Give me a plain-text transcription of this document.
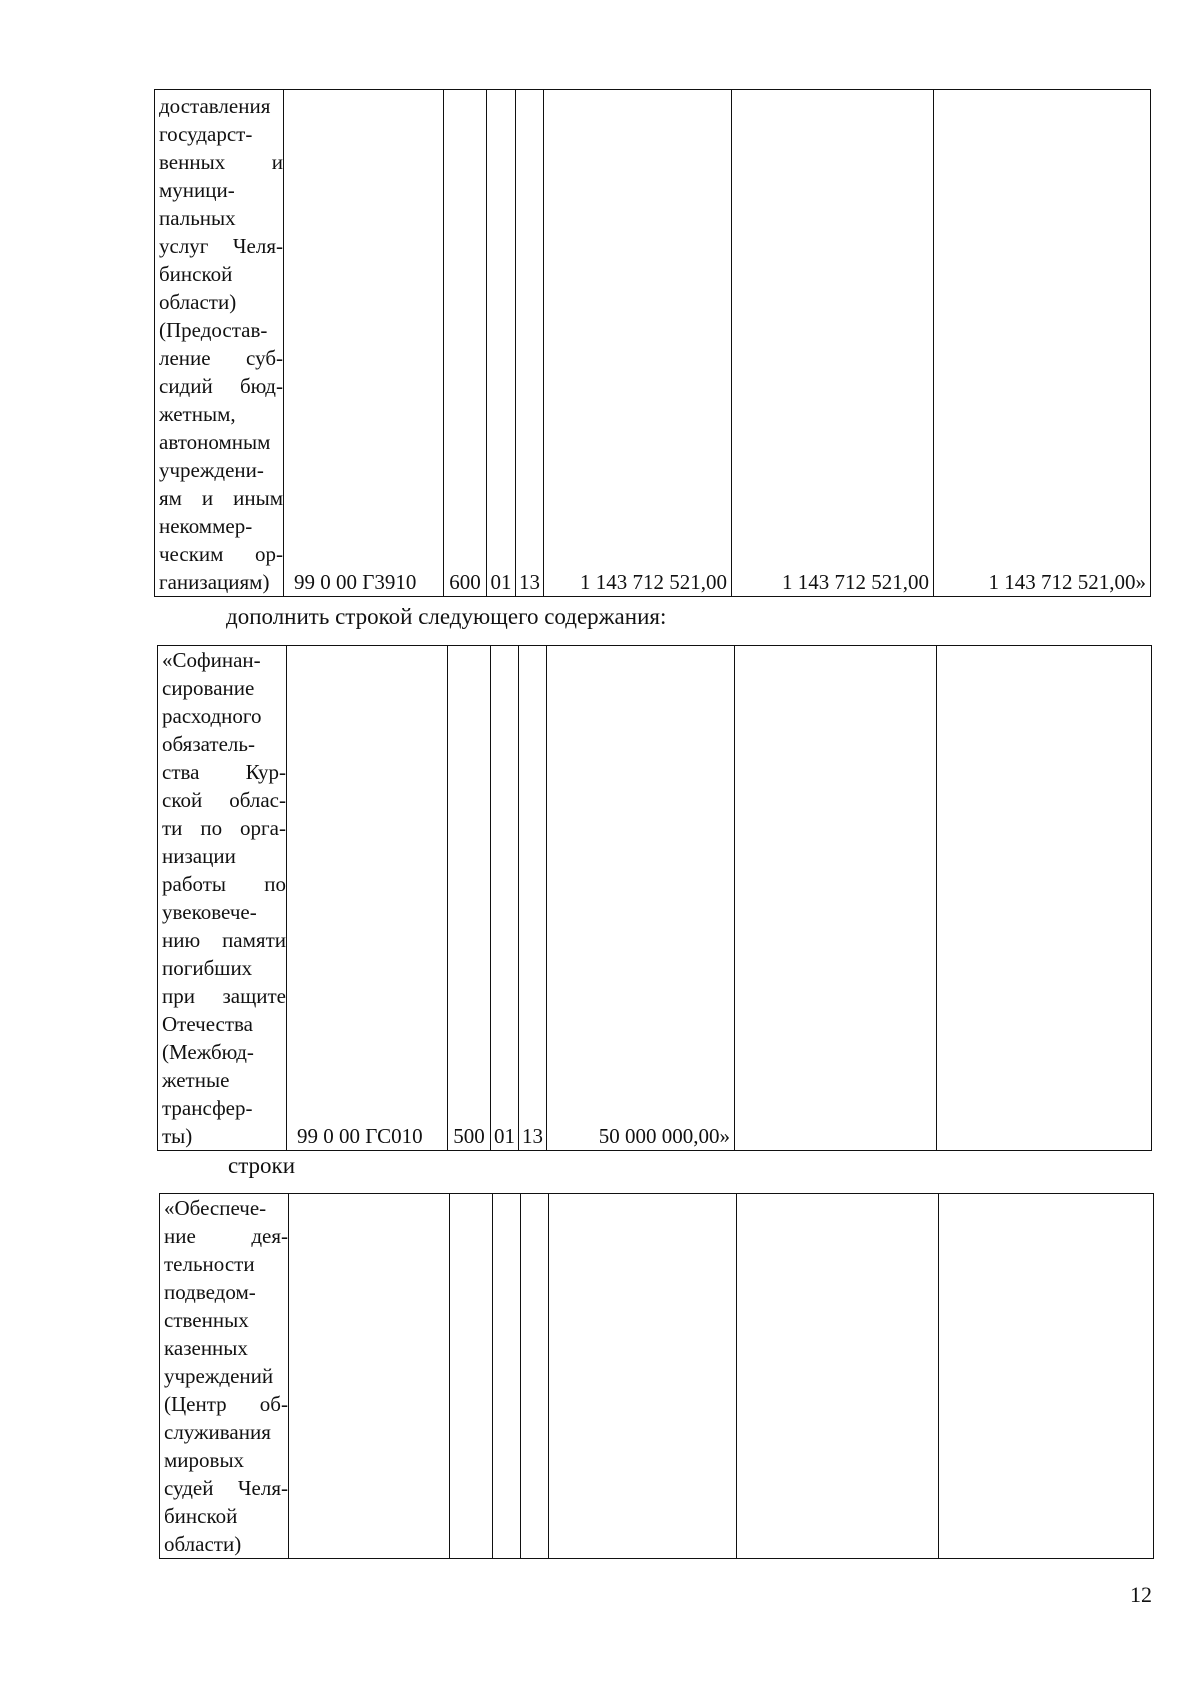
доставления
государст-
венных и
муници-
пальных
услуг Челя-
бинской
области)
(Предостав-
ление суб-
сидий бюд-
жетным,
автономным
учреждени-
ям и иным
некоммер-
ческим ор-
ганизациям)	99 0 00 Г3910	600	01	13	1 143 712 521,00	1 143 712 521,00	1 143 712 521,00»
дополнить строкой следующего содержания:
«Софинан-
сирование
расходного
обязатель-
ства Кур-
ской облас-
ти по орга-
низации
работы по
увековече-
нию памяти
погибших
при защите
Отечества
(Межбюд-
жетные
трансфер-
ты)	99 0 00 ГС010	500	01	13	50 000 000,00»		
строки
«Обеспече-
ние дея-
тельности
подведом-
ственных
казенных
учреждений
(Центр об-
служивания
мировых
судей Челя-
бинской
области)

12
